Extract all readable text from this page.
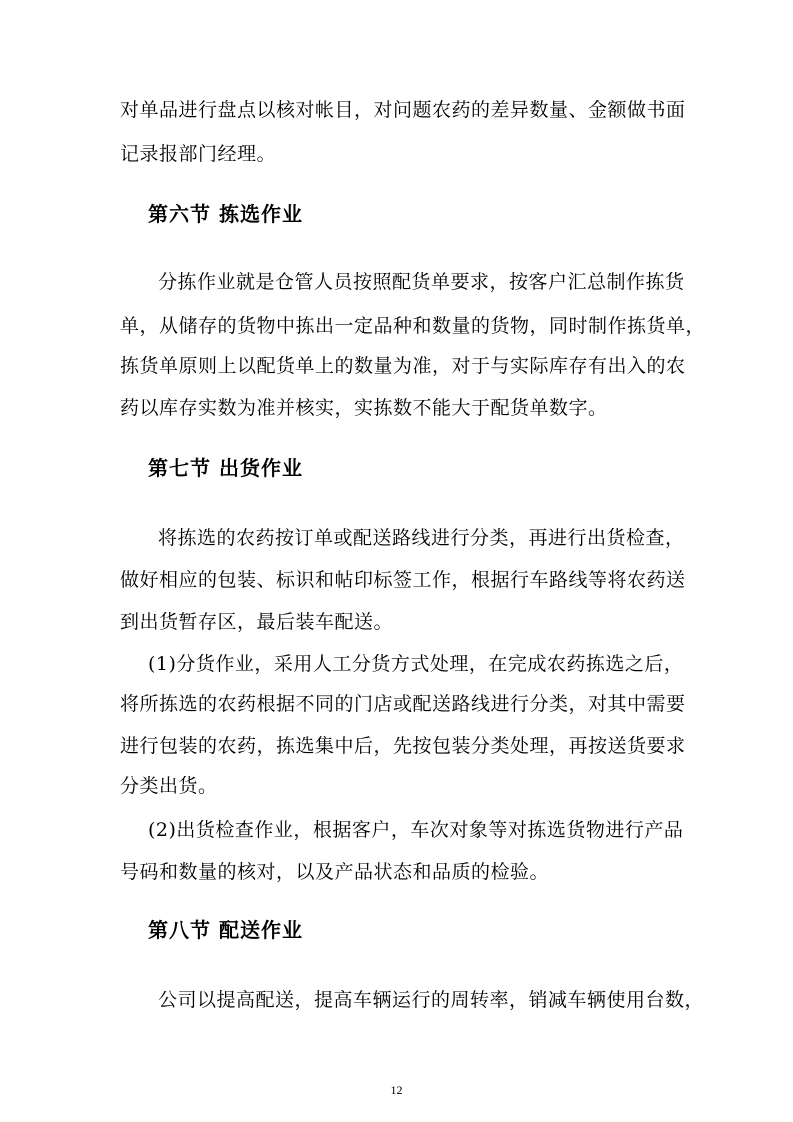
对单品进行盘点以核对帐目，对问题农药的差异数量、金额做书面
记录报部门经理。
第六节 拣选作业
分拣作业就是仓管人员按照配货单要求，按客户汇总制作拣货
单，从储存的货物中拣出一定品种和数量的货物，同时制作拣货单，
拣货单原则上以配货单上的数量为准，对于与实际库存有出入的农
药以库存实数为准并核实，实拣数不能大于配货单数字。
第七节 出货作业
将拣选的农药按订单或配送路线进行分类，再进行出货检查，
做好相应的包装、标识和帖印标签工作，根据行车路线等将农药送
到出货暂存区，最后装车配送。
(1)分货作业，采用人工分货方式处理，在完成农药拣选之后，
将所拣选的农药根据不同的门店或配送路线进行分类，对其中需要
进行包装的农药，拣选集中后，先按包装分类处理，再按送货要求
分类出货。
(2)出货检查作业，根据客户，车次对象等对拣选货物进行产品
号码和数量的核对，以及产品状态和品质的检验。
第八节 配送作业
公司以提高配送，提高车辆运行的周转率，销减车辆使用台数，
12
